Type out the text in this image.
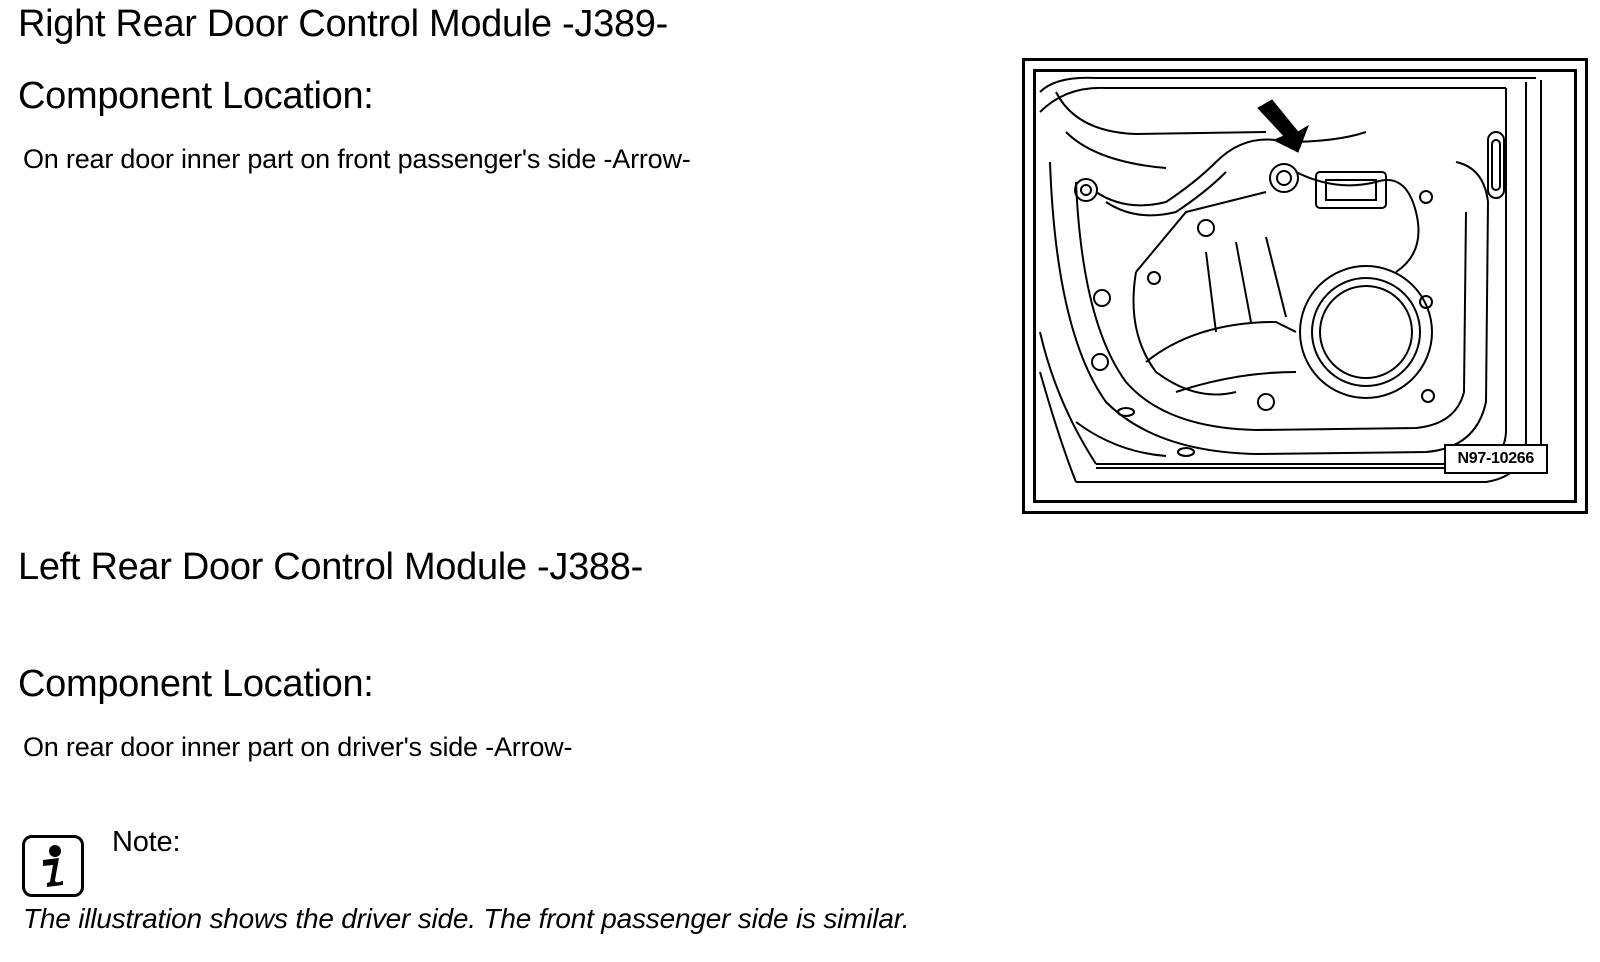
Right Rear Door Control Module -J389-
Component Location:
On rear door inner part on front passenger's side -Arrow-
N97-10266
Left Rear Door Control Module -J388-
Component Location:
On rear door inner part on driver's side -Arrow-
Note:
The illustration shows the driver side. The front passenger side is similar.
